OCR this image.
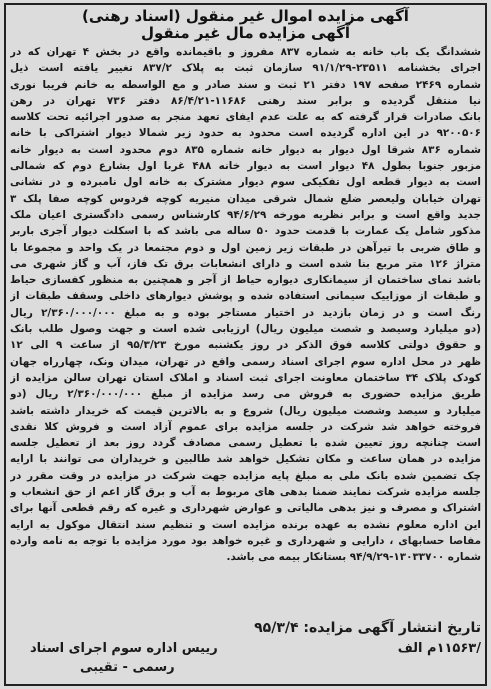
آگهی مزایده اموال غیر منقول (اسناد رهنی)
آگهی مزایده مال غیر منقول
ششدانگ یک باب خانه به شماره ۸۳۷ مفروز و باقیمانده واقع در بخش ۴ تهران که در
اجرای بخشنامه ۲۳۵۱۱-۹۱/۱/۲۹ سازمان ثبت به پلاک ۸۳۷/۲ تغییر یافته است ذیل
شماره ۲۴۶۹ صفحه ۱۹۷ دفتر ۲۱ ثبت و سند صادر و مع الواسطه به خانم فریبا نوری
نیا منتقل گردیده و برابر سند رهنی ۱۱۶۸۶-۸۶/۴/۲۱ دفتر ۷۳۶ تهران در رهن
بانک صادرات قرار گرفته که به علت عدم ایفای تعهد منجر به صدور اجرائیه تحت کلاسه
۹۲۰۰۵۰۶ در این اداره گردیده است محدود به حدود زیر شمالا دیوار اشتراکی با خانه
شماره ۸۳۶ شرقا اول دیوار به دیوار خانه شماره ۸۳۵ دوم محدود است به دیوار خانه
مزبور جنوبا بطول ۴۸ دیوار است به دیوار خانه ۴۸۸ غربا اول بشارع دوم که شمالی
است به دیوار قطعه اول تفکیکی سوم دیوار مشترک به خانه اول نامبرده و در نشانی
تهران خیابان ولیعصر ضلع شمال شرقی میدان منیریه کوچه فردوس کوچه صفا پلک ۳
جدید واقع است و برابر نظریه مورخه ۹۴/۶/۲۹ کارشناس رسمی دادگستری اعیان ملک
مذکور شامل یک عمارت با قدمت حدود ۵۰ ساله می باشد که با اسکلت دیوار آجری باربر
و طاق ضربی با تیرآهن در طبقات زیر زمین اول و دوم مجتمعا در یک واحد و مجموعا با
متراژ ۱۲۶ متر مربع بنا شده است و دارای انشعابات برق تک فاز، آب و گاز شهری می
باشد نمای ساختمان از سیمانکاری دیواره حیاط از آجر و همچنین به منظور کفسازی حیاط
و طبقات از موزاییک سیمانی استفاده شده و پوشش دیوارهای داخلی وسقف طبقات از
رنگ است و در زمان بازدید در اختیار مستاجر بوده و به مبلغ ۲/۳۶۰/۰۰۰/۰۰۰ ریال
(دو میلیارد وسیصد و شصت میلیون ریال) ارزیابی شده است و جهت وصول طلب بانک
و حقوق دولتی کلاسه فوق الذکر در روز یکشنبه مورخ ۹۵/۳/۲۳ از ساعت ۹ الی ۱۲
ظهر در محل اداره سوم اجرای اسناد رسمی واقع در تهران، میدان ونک، چهارراه جهان
کودک پلاک ۳۴ ساختمان معاونت اجرای ثبت اسناد و املاک استان تهران سالن مزایده از
طریق مزایده حضوری به فروش می رسد مزایده از مبلغ ۲/۳۶۰/۰۰۰/۰۰۰ ریال (دو
میلیارد و سیصد وشصت میلیون ریال) شروع و به بالاترین قیمت که خریدار داشته باشد
فروخته خواهد شد شرکت در جلسه مزایده برای عموم آزاد است و فروش کلا نقدی
است چنانچه روز تعیین شده با تعطیل رسمی مصادف گردد روز بعد از تعطیل جلسه
مزایده در همان ساعت و مکان تشکیل خواهد شد طالبین و خریداران می توانند با ارایه
چک تضمین شده بانک ملی به مبلغ پایه مزایده جهت شرکت در مزایده در وقت مقرر در
جلسه مزایده شرکت نمایند ضمنا بدهی های مربوط به آب و برق گاز اعم از حق انشعاب و
اشتراک و مصرف و نیز بدهی مالیاتی و عوارض شهرداری و غیره که رقم قطعی آنها برای
این اداره معلوم نشده به عهده برنده مزایده است و تنظیم سند انتقال موکول به ارایه
مفاصا حسابهای ، دارایی و شهرداری و غیره خواهد بود مورد مزایده با توجه به نامه وارده
شماره ۱۳۰۳۳۷۰۰-۹۴/۹/۲۹ بستانکار بیمه می باشد.
تاریخ انتشار آگهی مزایده: ۹۵/۳/۴
/۱۱۵۶۳م الف
رییس اداره سوم اجرای اسناد
رسمی - تقیبی
